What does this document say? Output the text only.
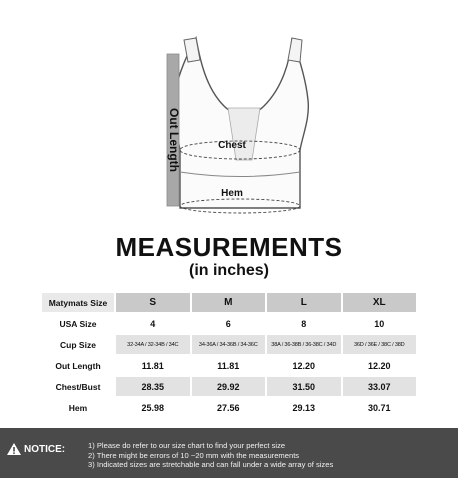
Out Length	Chest
Hem
MEASUREMENTS
(in inches)
Matymats Size	S	M	L	XL
USA Size	4	6	8	10
Cup Size	32-34A / 32-34B / 34C	34-36A / 34-36B / 34-36C	38A / 36-38B / 36-38C / 34D	36D / 36E / 38C / 38D
Out Length	11.81	11.81	12.20	12.20
Chest/Bust	28.35	29.92	31.50	33.07
Hem	25.98	27.56	29.13	30.71
NOTICE:	1) Please do refer to our size chart to find your perfect size
2) There might be errors of 10 ~20 mm with the measurements
3) Indicated sizes are stretchable and can fall under a wide array of sizes
